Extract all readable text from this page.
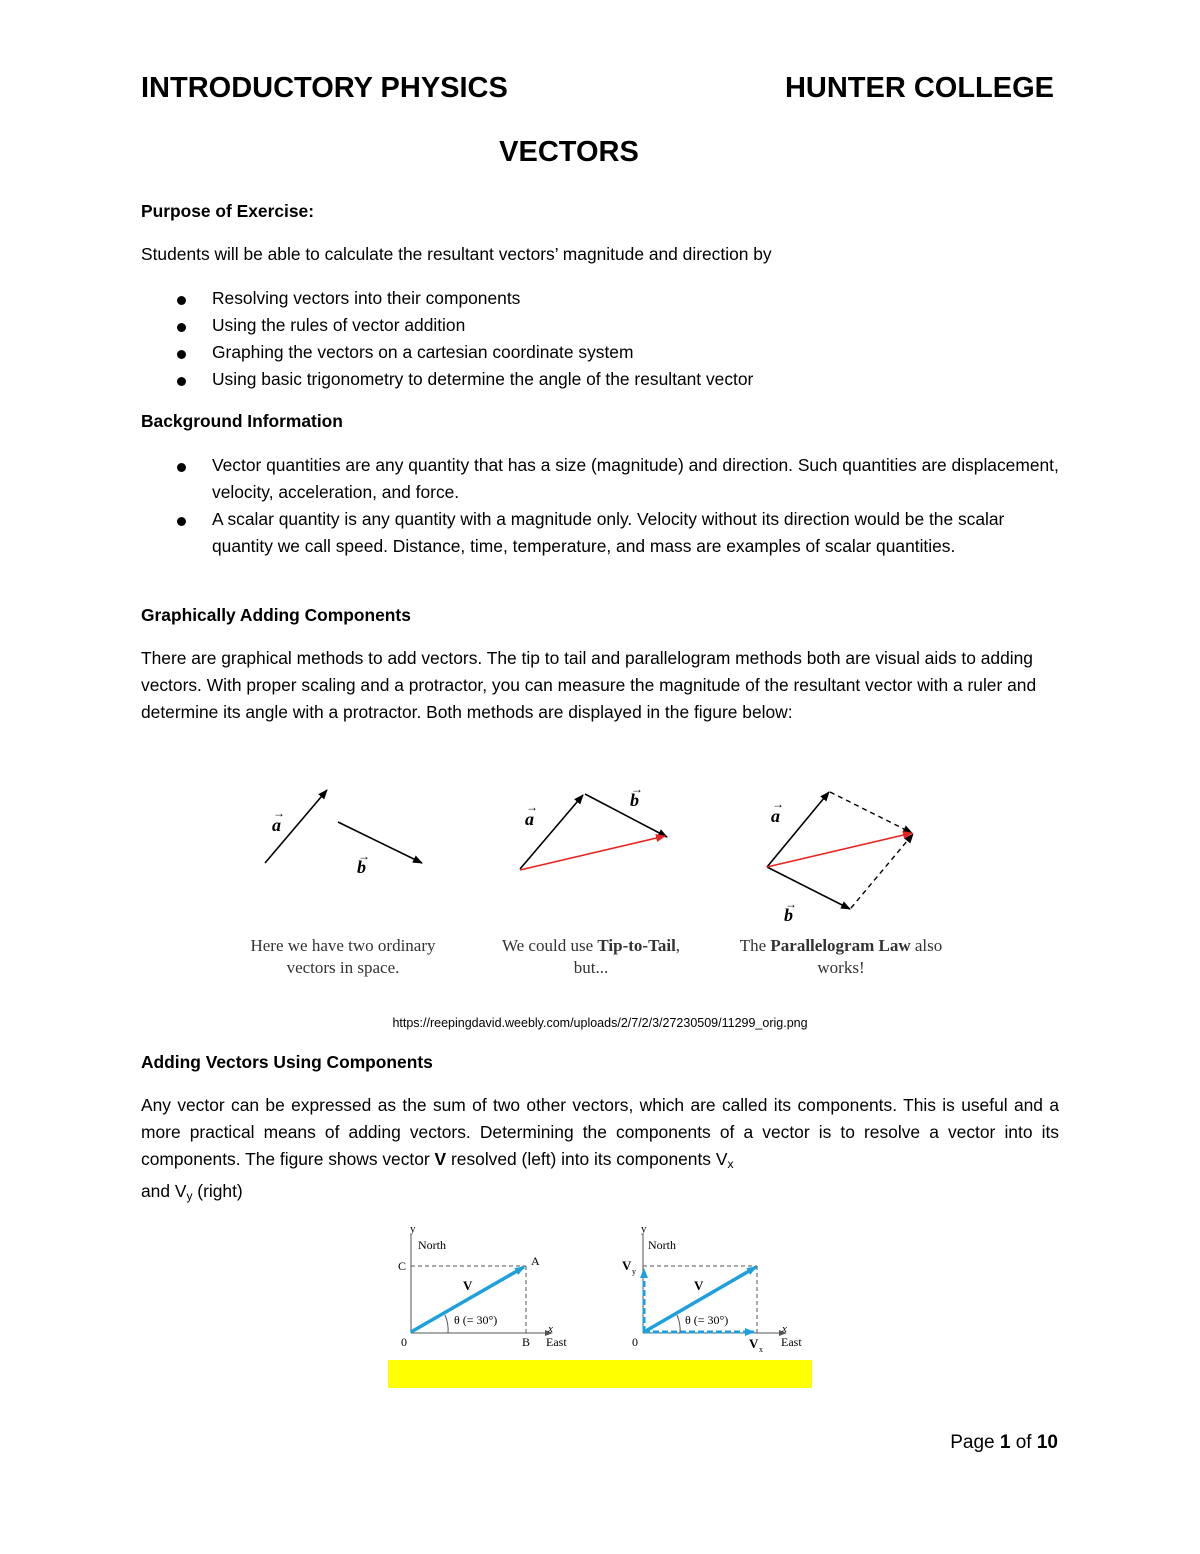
INTRODUCTORY PHYSICS	HUNTER COLLEGE
VECTORS
Purpose of Exercise:
Students will be able to calculate the resultant vectors’ magnitude and direction by
Resolving vectors into their components
Using the rules of vector addition
Graphing the vectors on a cartesian coordinate system
Using basic trigonometry to determine the angle of the resultant vector
Background Information
Vector quantities are any quantity that has a size (magnitude) and direction. Such quantities are displacement, velocity, acceleration, and force.
A scalar quantity is any quantity with a magnitude only. Velocity without its direction would be the scalar quantity we call speed. Distance, time, temperature, and mass are examples of scalar quantities.
Graphically Adding Components
There are graphical methods to add vectors. The tip to tail and parallelogram methods both are visual aids to adding vectors. With proper scaling and a protractor, you can measure the magnitude of the resultant vector with a ruler and determine its angle with a protractor. Both methods are displayed in the figure below:
a
→
b
→
a
→	b
→
a
→
b
→
Here we have two ordinary
vectors in space.
We could use Tip-to-Tail,
but...
The Parallelogram Law also
works!
https://reepingdavid.weebly.com/uploads/2/7/2/3/27230509/11299_orig.png
Adding Vectors Using Components
Any vector can be expressed as the sum of two other vectors, which are called its components. This is useful and a more practical means of adding vectors. Determining the components of a vector is to resolve a vector into its components. The figure shows vector V resolved (left) into its components $V_x$
and $V_y$ (right)
y
North
C	A
V
θ (= 30°)
x
0	B East
y
North
V y
V
θ (= 30°)
x
0	V x
East
Page 1 of 10
